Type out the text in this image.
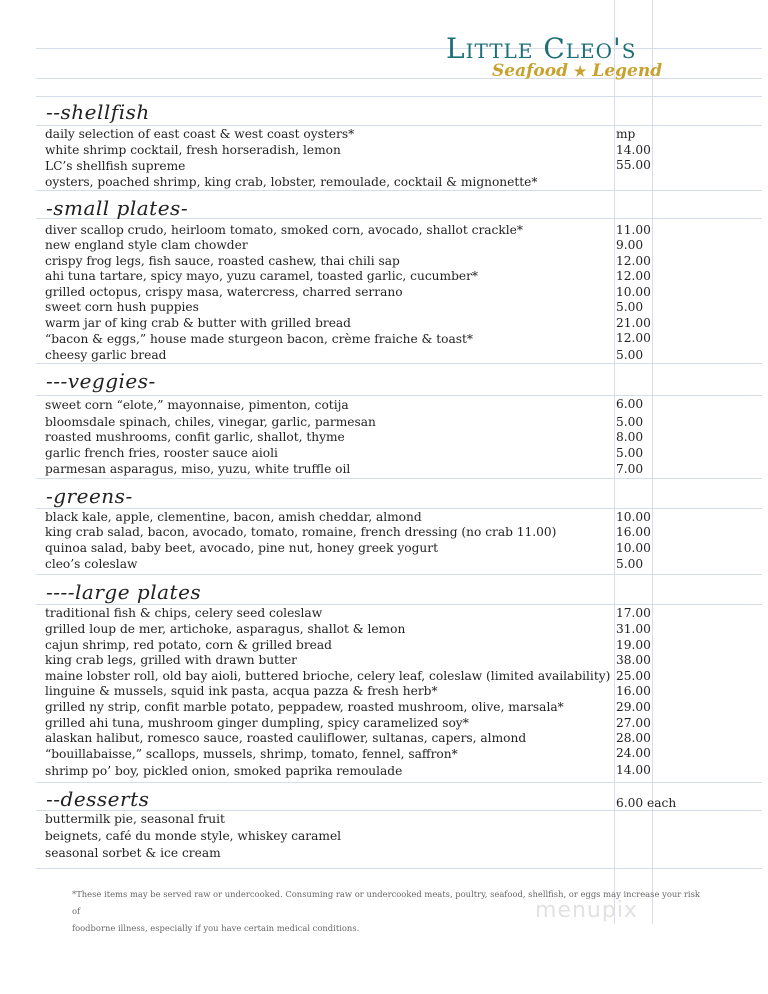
Little Cleo's
Seafood ★ Legend
--shellfish
daily selection of east coast & west coast oysters*	mp
white shrimp cocktail, fresh horseradish, lemon	14.00
LC’s shellfish supreme	55.00
oysters, poached shrimp, king crab, lobster, remoulade, cocktail & mignonette*
-small plates-
diver scallop crudo, heirloom tomato, smoked corn, avocado, shallot crackle*	11.00
new england style clam chowder	9.00
crispy frog legs, fish sauce, roasted cashew, thai chili sap	12.00
ahi tuna tartare, spicy mayo, yuzu caramel, toasted garlic, cucumber*	12.00
grilled octopus, crispy masa, watercress, charred serrano	10.00
sweet corn hush puppies	5.00
warm jar of king crab & butter with grilled bread	21.00
“bacon & eggs,” house made sturgeon bacon, crème fraiche & toast*	12.00
cheesy garlic bread	5.00
---veggies-
sweet corn “elote,” mayonnaise, pimenton, cotija	6.00
bloomsdale spinach, chiles, vinegar, garlic, parmesan	5.00
roasted mushrooms, confit garlic, shallot, thyme	8.00
garlic french fries, rooster sauce aioli	5.00
parmesan asparagus, miso, yuzu, white truffle oil	7.00
-greens-
black kale, apple, clementine, bacon, amish cheddar, almond	10.00
king crab salad, bacon, avocado, tomato, romaine, french dressing (no crab 11.00)	16.00
quinoa salad, baby beet, avocado, pine nut, honey greek yogurt	10.00
cleo’s coleslaw	5.00
----large plates
traditional fish & chips, celery seed coleslaw	17.00
grilled loup de mer, artichoke, asparagus, shallot & lemon	31.00
cajun shrimp, red potato, corn & grilled bread	19.00
king crab legs, grilled with drawn butter	38.00
maine lobster roll, old bay aioli, buttered brioche, celery leaf, coleslaw (limited availability) 25.00
linguine & mussels, squid ink pasta, acqua pazza & fresh herb*	16.00
grilled ny strip, confit marble potato, peppadew, roasted mushroom, olive, marsala*	29.00
grilled ahi tuna, mushroom ginger dumpling, spicy caramelized soy*	27.00
alaskan halibut, romesco sauce, roasted cauliflower, sultanas, capers, almond	28.00
“bouillabaisse,” scallops, mussels, shrimp, tomato, fennel, saffron*	24.00
shrimp po’ boy, pickled onion, smoked paprika remoulade	14.00
--desserts	6.00 each
buttermilk pie, seasonal fruit
beignets, café du monde style, whiskey caramel
seasonal sorbet & ice cream
*These items may be served raw or undercooked. Consuming raw or undercooked meats, poultry, seafood, shellfish, or eggs may increase your risk of
foodborne illness, especially if you have certain medical conditions.
menupix
